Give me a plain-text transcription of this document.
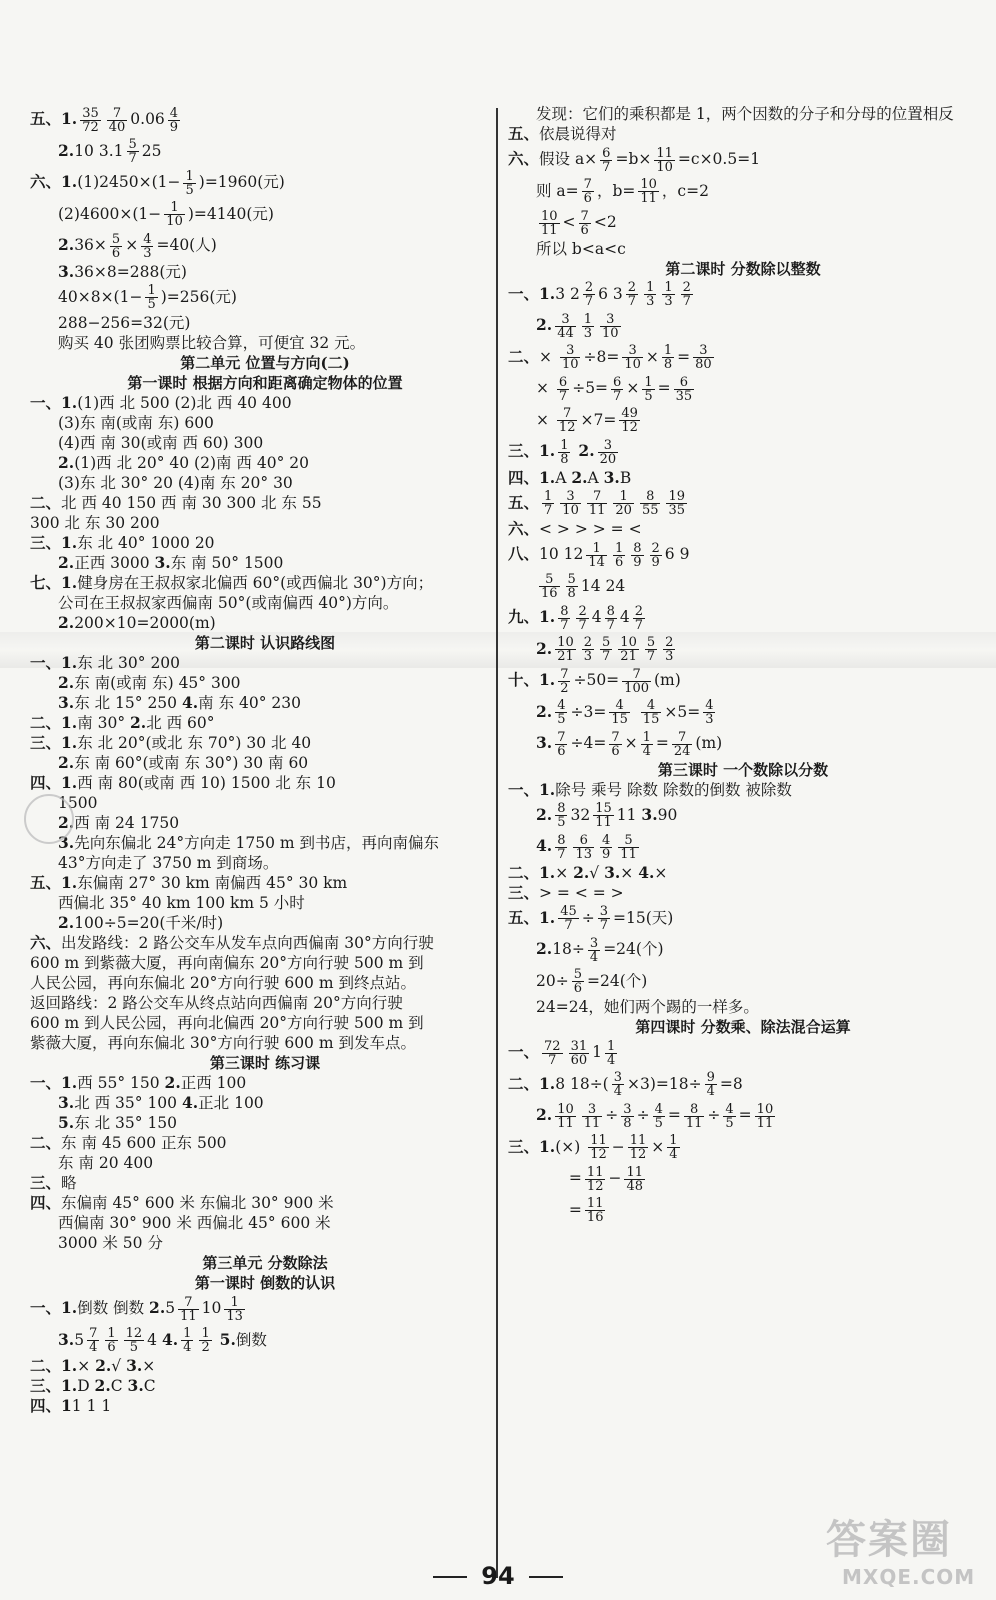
五、1. $\frac{35}{72} \frac{7}{40} 0.06 \frac{4}{9}$
2.10 $3.1 \frac{5}{7} 25$
六、$1.(1)2450\times(1- \frac{1}{5} )=1960$(元)
$(2)4600\times(1- \frac{1}{10} )=4140$(元)
$2.36\times \frac{5}{6} \times \frac{4}{3} =40$(人)
3.36×8=288(元)
$40\times 8\times(1- \frac{1}{5} )=256$(元)
288−256=32(元)
购买 40 张团购票比较合算，可便宜 32 元。
第二单元 位置与方向(二)
第一课时 根据方向和距离确定物体的位置
一、1.(1)西 北 500 (2)北 西 40 400
(3)东 南(或南 东) 600
(4)西 南 30(或南 西 60) 300
2.(1)西 北 20° 40 (2)南 西 40° 20
(3)东 北 30° 20 (4)南 东 20° 30
二、北 西 40 150 西 南 30 300 北 东 55
300 北 东 30 200
三、1.东 北 40° 1000 20
2.正西 3000 3.东 南 50° 1500
七、1.健身房在王叔叔家北偏西 60°(或西偏北 30°)方向；
公司在王叔叔家西偏南 50°(或南偏西 40°)方向。
2.200×10=2000(m)
第二课时 认识路线图
一、1.东 北 30° 200
2.东 南(或南 东) 45° 300
3.东 北 15° 250 4.南 东 40° 230
二、1.南 30° 2.北 西 60°
三、1.东 北 20°(或北 东 70°) 30 北 40
2.东 南 60°(或南 东 30°) 30 南 60
四、1.西 南 80(或南 西 10) 1500 北 东 10
1500
2.西 南 24 1750
3.先向东偏北 24°方向走 1750 m 到书店，再向南偏东
43°方向走了 3750 m 到商场。
五、1.东偏南 27° 30 km 南偏西 45° 30 km
西偏北 35° 40 km 100 km 5 小时
2.100÷5=20(千米/时)
六、出发路线：2 路公交车从发车点向西偏南 30°方向行驶
600 m 到紫薇大厦，再向南偏东 20°方向行驶 500 m 到
人民公园，再向东偏北 20°方向行驶 600 m 到终点站。
返回路线：2 路公交车从终点站向西偏南 20°方向行驶
600 m 到人民公园，再向北偏西 20°方向行驶 500 m 到
紫薇大厦，再向东偏北 30°方向行驶 600 m 到发车点。
第三课时 练习课
一、1.西 55° 150 2.正西 100
3.北 西 35° 100 4.正北 100
5.东 北 35° 150
二、东 南 45 600 正东 500
东 南 20 400
三、略
四、东偏南 45° 600 米 东偏北 30° 900 米
西偏南 30° 900 米 西偏北 45° 600 米
3000 米 50 分
第三单元 分数除法
第一课时 倒数的认识
一、1.倒数 倒数 $2.5 \frac{7}{11} 10 \frac{1}{13}$
$3.5 \frac{7}{4} \frac{1}{6} \frac{12}{5} 4$ 4. $\frac{1}{4} \frac{1}{2} 5$.倒数
二、1.× 2.√ 3.×
三、1.D 2.C 3.C
四、11 1 1
发现：它们的乘积都是 1，两个因数的分子和分母的位置相反
五、依晨说得对
六、假设 $a\times \frac{6}{7} =b\times \frac{11}{10} =c\times 0.5=1$
则 $a= \frac{7}{6}$ ，$b= \frac{10}{11}$ ，c=2
$\frac{10}{11} < \frac{7}{6} <2$
所以 b<a<c
第二课时 分数除以整数
一、1.3 $2 \frac{2}{7} 6$ $3 \frac{2}{7} \frac{1}{3} \frac{1}{3} \frac{2}{7}$
2. $\frac{3}{44} \frac{1}{3} \frac{3}{10}$
二、× $\frac{3}{10} \div 8= \frac{3}{10} \times \frac{1}{8} = \frac{3}{80}$
× $\frac{6}{7} \div 5= \frac{6}{7} \times \frac{1}{5} = \frac{6}{35}$
× $\frac{7}{12} \times 7= \frac{49}{12}$
三、1. $\frac{1}{8} 2$. $\frac{3}{20}$
四、1.A 2.A 3.B
五、 $\frac{1}{7} \frac{3}{10} \frac{7}{11} \frac{1}{20} \frac{8}{55} \frac{19}{35}$
六、< > > > = <
八、10 $12 \frac{1}{14} \frac{1}{6} \frac{8}{9} \frac{2}{9} 6$ 9
$\frac{5}{16} \frac{5}{8} 14$ 24
九、1. $\frac{8}{7} \frac{2}{7} 4 \frac{8}{7} 4 \frac{2}{7}$
2. $\frac{10}{21} \frac{2}{3} \frac{5}{7} \frac{10}{21} \frac{5}{7} \frac{2}{3}$
十、1. $\frac{7}{2} \div 50= \frac{7}{100} (m)$
2. $\frac{4}{5} \div 3= \frac{4}{15}$
$\frac{4}{15} \times 5= \frac{4}{3}$
3. $\frac{7}{6} \div 4= \frac{7}{6} \times \frac{1}{4} = \frac{7}{24} (m)$
第三课时 一个数除以分数
一、1.除号 乘号 除数 除数的倒数 被除数
2. $\frac{8}{5} 32 \frac{15}{11} 11$ 3.90
4. $\frac{8}{7} \frac{6}{13} \frac{4}{9} \frac{5}{11}$
二、1.× 2.√ 3.× 4.×
三、> = < = >
五、1. $\frac{45}{7} \div \frac{3}{7} =15$(天)
$2.18\div \frac{3}{4} =24$(个)
$20\div \frac{5}{6} =24$(个)
24=24，她们两个踢的一样多。
第四课时 分数乘、除法混合运算
一、 $\frac{72}{7} \frac{31}{60} 1 \frac{1}{4}$
二、1.8 $18\div( \frac{3}{4} \times 3)=18\div \frac{9}{4} =8$
2. $\frac{10}{11} \frac{3}{11} \div \frac{3}{8} \div \frac{4}{5} = \frac{8}{11} \div \frac{4}{5} = \frac{10}{11}$
三、$1.(\times) \frac{11}{12} - \frac{11}{12} \times \frac{1}{4}$
= $\frac{11}{12} - \frac{11}{48}$
= $\frac{11}{16}$
94
答案圈
MXQE.COM
